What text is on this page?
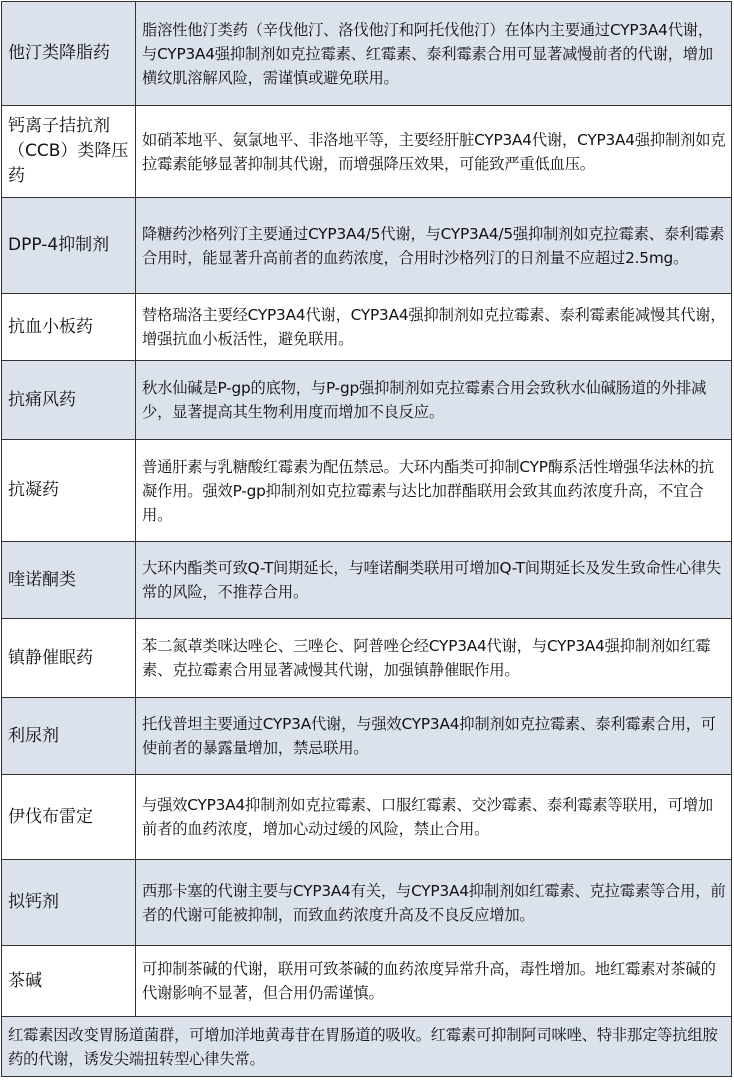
他汀类降脂药	脂溶性他汀类药（辛伐他汀、洛伐他汀和阿托伐他汀）在体内主要通过CYP3A4代谢，与CYP3A4强抑制剂如克拉霉素、红霉素、泰利霉素合用可显著减慢前者的代谢，增加横纹肌溶解风险，需谨慎或避免联用。

钙离子拮抗剂（CCB）类降压药	如硝苯地平、氨氯地平、非洛地平等，主要经肝脏CYP3A4代谢，CYP3A4强抑制剂如克拉霉素能够显著抑制其代谢，而增强降压效果，可能致严重低血压。

DPP-4抑制剂	降糖药沙格列汀主要通过CYP3A4/5代谢，与CYP3A4/5强抑制剂如克拉霉素、泰利霉素合用时，能显著升高前者的血药浓度，合用时沙格列汀的日剂量不应超过2.5mg。

抗血小板药	替格瑞洛主要经CYP3A4代谢，CYP3A4强抑制剂如克拉霉素、泰利霉素能减慢其代谢，增强抗血小板活性，避免联用。

抗痛风药	秋水仙碱是P-gp的底物，与P-gp强抑制剂如克拉霉素合用会致秋水仙碱肠道的外排减少，显著提高其生物利用度而增加不良反应。

抗凝药	普通肝素与乳糖酸红霉素为配伍禁忌。大环内酯类可抑制CYP酶系活性增强华法林的抗凝作用。强效P-gp抑制剂如克拉霉素与达比加群酯联用会致其血药浓度升高，不宜合用。

喹诺酮类	大环内酯类可致Q-T间期延长，与喹诺酮类联用可增加Q-T间期延长及发生致命性心律失常的风险，不推荐合用。

镇静催眠药	苯二氮䓬类咪达唑仑、三唑仑、阿普唑仑经CYP3A4代谢，与CYP3A4强抑制剂如红霉素、克拉霉素合用显著减慢其代谢，加强镇静催眠作用。

利尿剂	托伐普坦主要通过CYP3A代谢，与强效CYP3A4抑制剂如克拉霉素、泰利霉素合用，可使前者的暴露量增加，禁忌联用。

伊伐布雷定	与强效CYP3A4抑制剂如克拉霉素、口服红霉素、交沙霉素、泰利霉素等联用，可增加前者的血药浓度，增加心动过缓的风险，禁止合用。

拟钙剂	西那卡塞的代谢主要与CYP3A4有关，与CYP3A4抑制剂如红霉素、克拉霉素等合用，前者的代谢可能被抑制，而致血药浓度升高及不良反应增加。

茶碱	可抑制茶碱的代谢，联用可致茶碱的血药浓度异常升高，毒性增加。地红霉素对茶碱的代谢影响不显著，但合用仍需谨慎。

红霉素因改变胃肠道菌群，可增加洋地黄毒苷在胃肠道的吸收。红霉素可抑制阿司咪唑、特非那定等抗组胺药的代谢，诱发尖端扭转型心律失常。	
